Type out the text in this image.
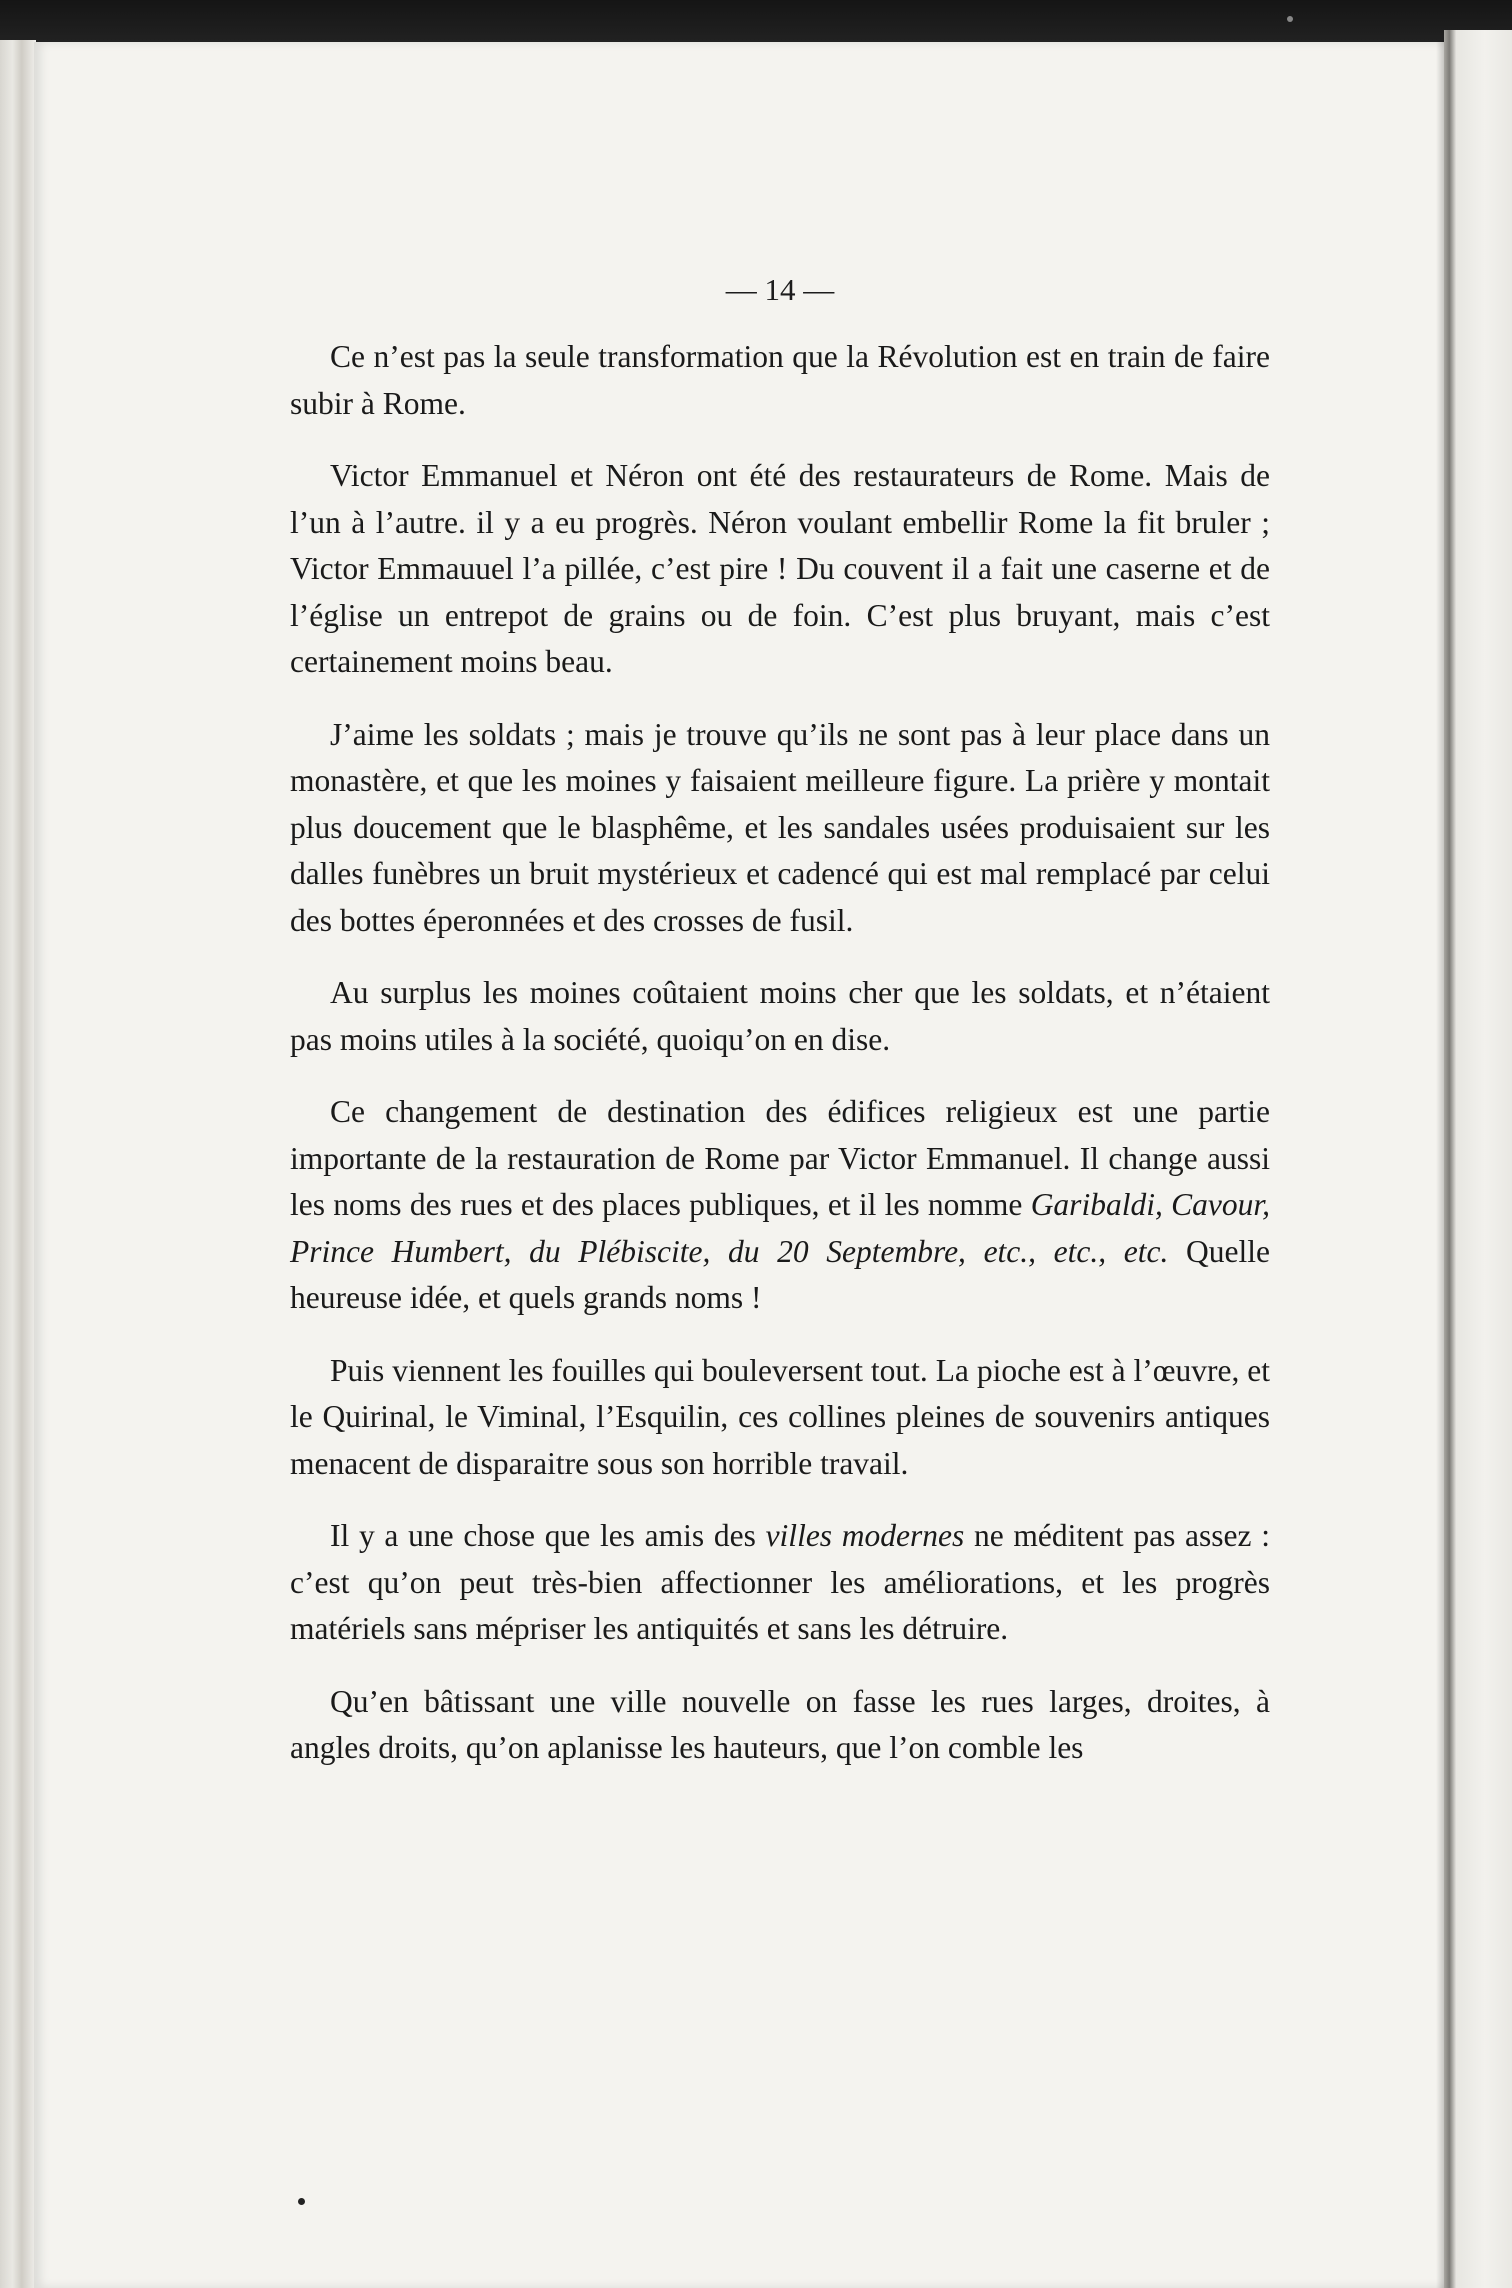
— 14 —

Ce n’est pas la seule transformation que la Révolution est en train de faire subir à Rome.

Victor Emmanuel et Néron ont été des restaurateurs de Rome. Mais de l’un à l’autre. il y a eu progrès. Néron voulant embellir Rome la fit bruler ; Victor Emmauuel l’a pillée, c’est pire ! Du couvent il a fait une caserne et de l’église un entrepot de grains ou de foin. C’est plus bruyant, mais c’est certainement moins beau.

J’aime les soldats ; mais je trouve qu’ils ne sont pas à leur place dans un monastère, et que les moines y faisaient meilleure figure. La prière y montait plus doucement que le blasphême, et les sandales usées produisaient sur les dalles funèbres un bruit mystérieux et cadencé qui est mal remplacé par celui des bottes éperonnées et des crosses de fusil.

Au surplus les moines coûtaient moins cher que les soldats, et n’étaient pas moins utiles à la société, quoiqu’on en dise.

Ce changement de destination des édifices religieux est une partie importante de la restauration de Rome par Victor Emmanuel. Il change aussi les noms des rues et des places publiques, et il les nomme Garibaldi, Cavour, Prince Humbert, du Plébiscite, du 20 Septembre, etc., etc., etc. Quelle heureuse idée, et quels grands noms !

Puis viennent les fouilles qui bouleversent tout. La pioche est à l’œuvre, et le Quirinal, le Viminal, l’Esquilin, ces collines pleines de souvenirs antiques menacent de disparaitre sous son horrible travail.

Il y a une chose que les amis des villes modernes ne méditent pas assez : c’est qu’on peut très-bien affectionner les améliorations, et les progrès matériels sans mépriser les antiquités et sans les détruire.

Qu’en bâtissant une ville nouvelle on fasse les rues larges, droites, à angles droits, qu’on aplanisse les hauteurs, que l’on comble les
